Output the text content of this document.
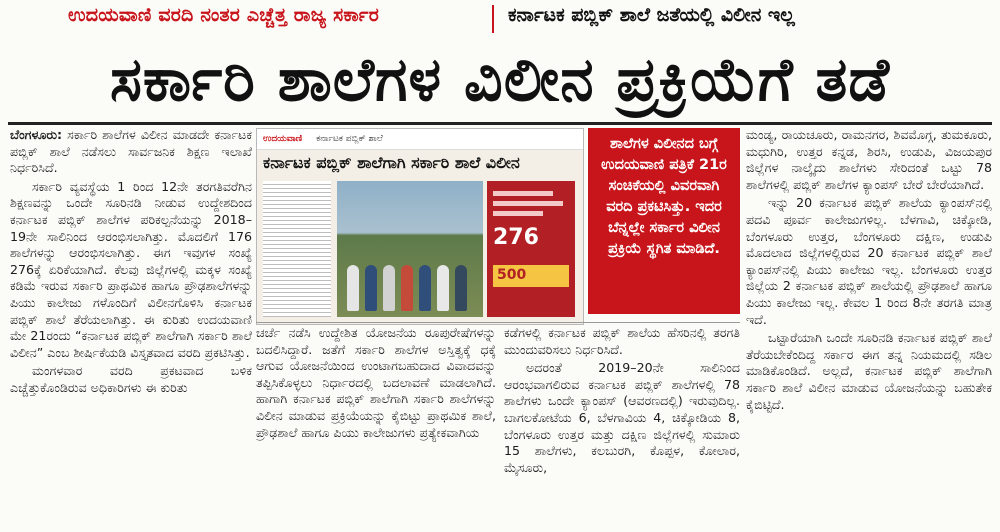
ಉದಯವಾಣಿ ವರದಿ ನಂತರ ಎಚ್ಚೆತ್ತ ರಾಜ್ಯ ಸರ್ಕಾರ	ಕರ್ನಾಟಕ ಪಬ್ಲಿಕ್‌ ಶಾಲೆ ಜತೆಯಲ್ಲಿ ವಿಲೀನ ಇಲ್ಲ
ಸರ್ಕಾರಿ ಶಾಲೆಗಳ ವಿಲೀನ ಪ್ರಕ್ರಿಯೆಗೆ ತಡೆ

ಬೆಂಗಳೂರು: ಸರ್ಕಾರಿ ಶಾಲೆಗಳ ವಿಲೀನ ಮಾಡದೇ ಕರ್ನಾಟಕ ಪಬ್ಲಿಕ್‌ ಶಾಲೆ ನಡೆಸಲು ಸಾರ್ವಜನಿಕ ಶಿಕ್ಷಣ ಇಲಾಖೆ ನಿರ್ಧರಿಸಿದೆ.

ಸರ್ಕಾರಿ ವ್ಯವಸ್ಥೆಯ 1 ರಿಂದ 12ನೇ ತರಗತಿವರೆಗಿನ ಶಿಕ್ಷಣವನ್ನು ಒಂದೇ ಸೂರಿನಡಿ ನೀಡುವ ಉದ್ದೇಶದಿಂದ ಕರ್ನಾಟಕ ಪಬ್ಲಿಕ್‌ ಶಾಲೆಗಳ ಪರಿಕಲ್ಪನೆಯನ್ನು 2018–19ನೇ ಸಾಲಿನಿಂದ ಆರಂಭಿಸಲಾಗಿತ್ತು. ಮೊದಲಿಗೆ 176 ಶಾಲೆಗಳನ್ನು ಆರಂಭಿಸಲಾಗಿತ್ತು. ಈಗ ಇವುಗಳ ಸಂಖ್ಯೆ 276ಕ್ಕೆ ಏರಿಕೆಯಾಗಿದೆ. ಕೆಲವು ಜಿಲ್ಲೆಗಳಲ್ಲಿ ಮಕ್ಕಳ ಸಂಖ್ಯೆ ಕಡಿಮೆ ಇರುವ ಸರ್ಕಾರಿ ಪ್ರಾಥಮಿಕ ಹಾಗೂ ಪ್ರೌಢಶಾಲೆಗಳನ್ನು ಪಿಯು ಕಾಲೇಜು ಗಳೊಂದಿಗೆ ವಿಲೀನಗೊಳಿಸಿ ಕರ್ನಾಟಕ ಪಬ್ಲಿಕ್‌ ಶಾಲೆ ತೆರೆಯಲಾಗಿತ್ತು. ಈ ಕುರಿತು ಉದಯವಾಣಿ ಮೇ 21ರಂದು “ಕರ್ನಾಟಕ ಪಬ್ಲಿಕ್‌ ಶಾಲೆಗಾಗಿ ಸರ್ಕಾರಿ ಶಾಲೆ ವಿಲೀನ” ಎಂಬ ಶೀರ್ಷಿಕೆಯಡಿ ವಿಸ್ತೃತವಾದ ವರದಿ ಪ್ರಕಟಿಸಿತ್ತು.

ಮಂಗಳವಾರ ವರದಿ ಪ್ರಕಟವಾದ ಬಳಿಕ ಎಚ್ಚೆತ್ತುಕೊಂಡಿರುವ ಅಧಿಕಾರಿಗಳು ಈ ಕುರಿತು

ಉದಯವಾಣಿ ಕರ್ನಾಟಕ ಪಬ್ಲಿಕ್‌ ಶಾಲೆ
ಕರ್ನಾಟಕ ಪಬ್ಲಿಕ್‌ ಶಾಲೆಗಾಗಿ ಸರ್ಕಾರಿ ಶಾಲೆ ವಿಲೀನ
276
500
ಶಾಲೆಗಳ ವಿಲೀನದ ಬಗ್ಗೆ ಉದಯವಾಣಿ ಪತ್ರಿಕೆ 21ರ ಸಂಚಿಕೆಯಲ್ಲಿ ವಿವರವಾಗಿ ವರದಿ ಪ್ರಕಟಿಸಿತ್ತು. ಇದರ ಬೆನ್ನಲ್ಲೇ ಸರ್ಕಾರ ವಿಲೀನ ಪ್ರಕ್ರಿಯೆ ಸ್ಥಗಿತ ಮಾಡಿದೆ.

ಚರ್ಚೆ ನಡೆಸಿ ಉದ್ದೇಶಿತ ಯೋಜನೆಯ ರೂಪುರೇಷೆಗಳನ್ನು ಬದಲಿಸಿದ್ದಾರೆ. ಜತೆಗೆ ಸರ್ಕಾರಿ ಶಾಲೆಗಳ ಅಸ್ತಿತ್ವಕ್ಕೆ ಧಕ್ಕೆ ಆಗುವ ಯೋಜನೆಯಿಂದ ಉಂಟಾಗಬಹುದಾದ ವಿವಾದವನ್ನು ತಪ್ಪಿಸಿಕೊಳ್ಳಲು ನಿರ್ಧಾರದಲ್ಲಿ ಬದಲಾವಣೆ ಮಾಡಲಾಗಿದೆ. ಹಾಗಾಗಿ ಕರ್ನಾಟಕ ಪಬ್ಲಿಕ್‌ ಶಾಲೆಗಾಗಿ ಸರ್ಕಾರಿ ಶಾಲೆಗಳನ್ನು ವಿಲೀನ ಮಾಡುವ ಪ್ರಕ್ರಿಯೆಯನ್ನು ಕೈಬಿಟ್ಟು ಪ್ರಾಥಮಿಕ ಶಾಲೆ, ಪ್ರೌಢಶಾಲೆ ಹಾಗೂ ಪಿಯು ಕಾಲೇಜುಗಳು ಪ್ರತ್ಯೇಕವಾಗಿಯ

ಕಡೆಗಳಲ್ಲಿ ಕರ್ನಾಟಕ ಪಬ್ಲಿಕ್‌ ಶಾಲೆಯ ಹೆಸರಿನಲ್ಲಿ ತರಗತಿ ಮುಂದುವರಿಸಲು ನಿರ್ಧರಿಸಿದೆ.

ಅದರಂತೆ 2019–20ನೇ ಸಾಲಿನಿಂದ ಆರಂಭವಾಗಲಿರುವ ಕರ್ನಾಟಕ ಪಬ್ಲಿಕ್‌ ಶಾಲೆಗಳಲ್ಲಿ 78 ಶಾಲೆಗಳು ಒಂದೇ ಕ್ಯಾಂಪಸ್‌ (ಆವರಣದಲ್ಲಿ) ಇರುವುದಿಲ್ಲ. ಬಾಗಲಕೋಟೆಯ 6, ಬೆಳಗಾವಿಯ 4, ಚಿಕ್ಕೋಡಿಯ 8, ಬೆಂಗಳೂರು ಉತ್ತರ ಮತ್ತು ದಕ್ಷಿಣ ಜಿಲ್ಲೆಗಳಲ್ಲಿ ಸುಮಾರು 15 ಶಾಲೆಗಳು, ಕಲಬುರಗಿ, ಕೊಪ್ಪಳ, ಕೋಲಾರ, ಮೈಸೂರು,

ಮಂಡ್ಯ, ರಾಯಚೂರು, ರಾಮನಗರ, ಶಿವಮೊಗ್ಗ, ತುಮಕೂರು, ಮಧುಗಿರಿ, ಉತ್ತರ ಕನ್ನಡ, ಶಿರಸಿ, ಉಡುಪಿ, ವಿಜಯಪುರ ಜಿಲ್ಲೆಗಳ ನಾಲ್ಕೈದು ಶಾಲೆಗಳು ಸೇರಿದಂತೆ ಒಟ್ಟು 78 ಶಾಲೆಗಳಲ್ಲಿ ಪಬ್ಲಿಕ್‌ ಶಾಲೆಗಳ ಕ್ಯಾಂಪಸ್‌ ಬೇರೆ ಬೇರೆಯಾಗಿದೆ.

ಇನ್ನು 20 ಕರ್ನಾಟಕ ಪಬ್ಲಿಕ್‌ ಶಾಲೆಯ ಕ್ಯಾಂಪಸ್‌ನಲ್ಲಿ ಪದವಿ ಪೂರ್ವ ಕಾಲೇಜುಗಳಿಲ್ಲ. ಬೆಳಗಾವಿ, ಚಿಕ್ಕೋಡಿ, ಬೆಂಗಳೂರು ಉತ್ತರ, ಬೆಂಗಳೂರು ದಕ್ಷಿಣ, ಉಡುಪಿ ಮೊದಲಾದ ಜಿಲ್ಲೆಗಳಲ್ಲಿರುವ 20 ಕರ್ನಾಟಕ ಪಬ್ಲಿಕ್‌ ಶಾಲೆ ಕ್ಯಾಂಪಸ್‌ನಲ್ಲಿ ಪಿಯು ಕಾಲೇಜು ಇಲ್ಲ. ಬೆಂಗಳೂರು ಉತ್ತರ ಜಿಲ್ಲೆಯ 2 ಕರ್ನಾಟಕ ಪಬ್ಲಿಕ್‌ ಶಾಲೆಯಲ್ಲಿ ಪ್ರೌಢಶಾಲೆ ಹಾಗೂ ಪಿಯು ಕಾಲೇಜು ಇಲ್ಲ. ಕೇವಲ 1 ರಿಂದ 8ನೇ ತರಗತಿ ಮಾತ್ರ ಇದೆ.

ಒಟ್ಟಾರೆಯಾಗಿ ಒಂದೇ ಸೂರಿನಡಿ ಕರ್ನಾಟಕ ಪಬ್ಲಿಕ್‌ ಶಾಲೆ ತೆರೆಯಬೇಕೆಂದಿದ್ದ ಸರ್ಕಾರ ಈಗ ತನ್ನ ನಿಯಮದಲ್ಲಿ ಸಡಿಲ ಮಾಡಿಕೊಂಡಿದೆ. ಅಲ್ಲದೆ, ಕರ್ನಾಟಕ ಪಬ್ಲಿಕ್‌ ಶಾಲೆಗಾಗಿ ಸರ್ಕಾರಿ ಶಾಲೆ ವಿಲೀನ ಮಾಡುವ ಯೋಜನೆಯನ್ನು ಬಹುತೇಕ ಕೈಬಿಟ್ಟಿದೆ.
